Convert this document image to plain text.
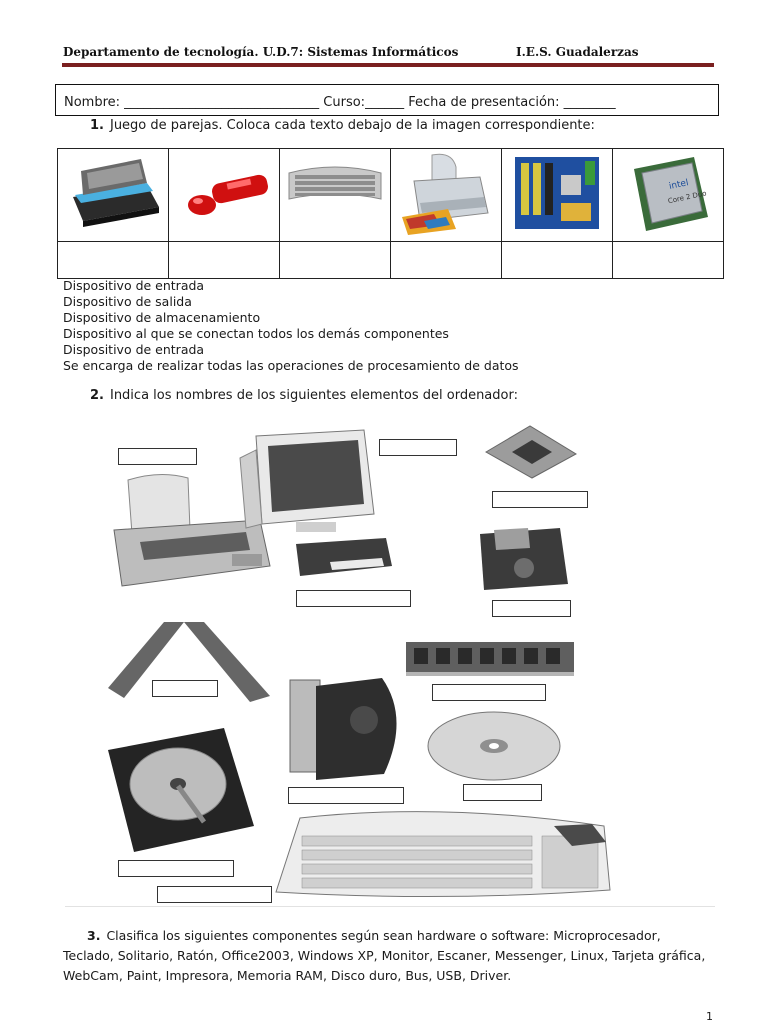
Departamento de tecnología. U.D.7: Sistemas Informáticos	I.E.S. Guadalerzas
Nombre: ______________________________ Curso:______ Fecha de presentación: ________
1. Juego de parejas. Coloca cada texto debajo de la imagen correspondiente:

intel
Core 2 Duo

Dispositivo de entrada
Dispositivo de salida
Dispositivo de almacenamiento
Dispositivo al que se conectan todos los demás componentes
Dispositivo de entrada
Se encarga de realizar todas las operaciones de procesamiento de datos
2. Indica los nombres de los siguientes elementos del ordenador:
3. Clasifica los siguientes componentes según sean hardware o software: Microprocesador, Teclado, Solitario, Ratón, Office2003, Windows XP, Monitor, Escaner, Messenger, Linux, Tarjeta gráfica, WebCam, Paint, Impresora, Memoria RAM, Disco duro, Bus, USB, Driver.
1
